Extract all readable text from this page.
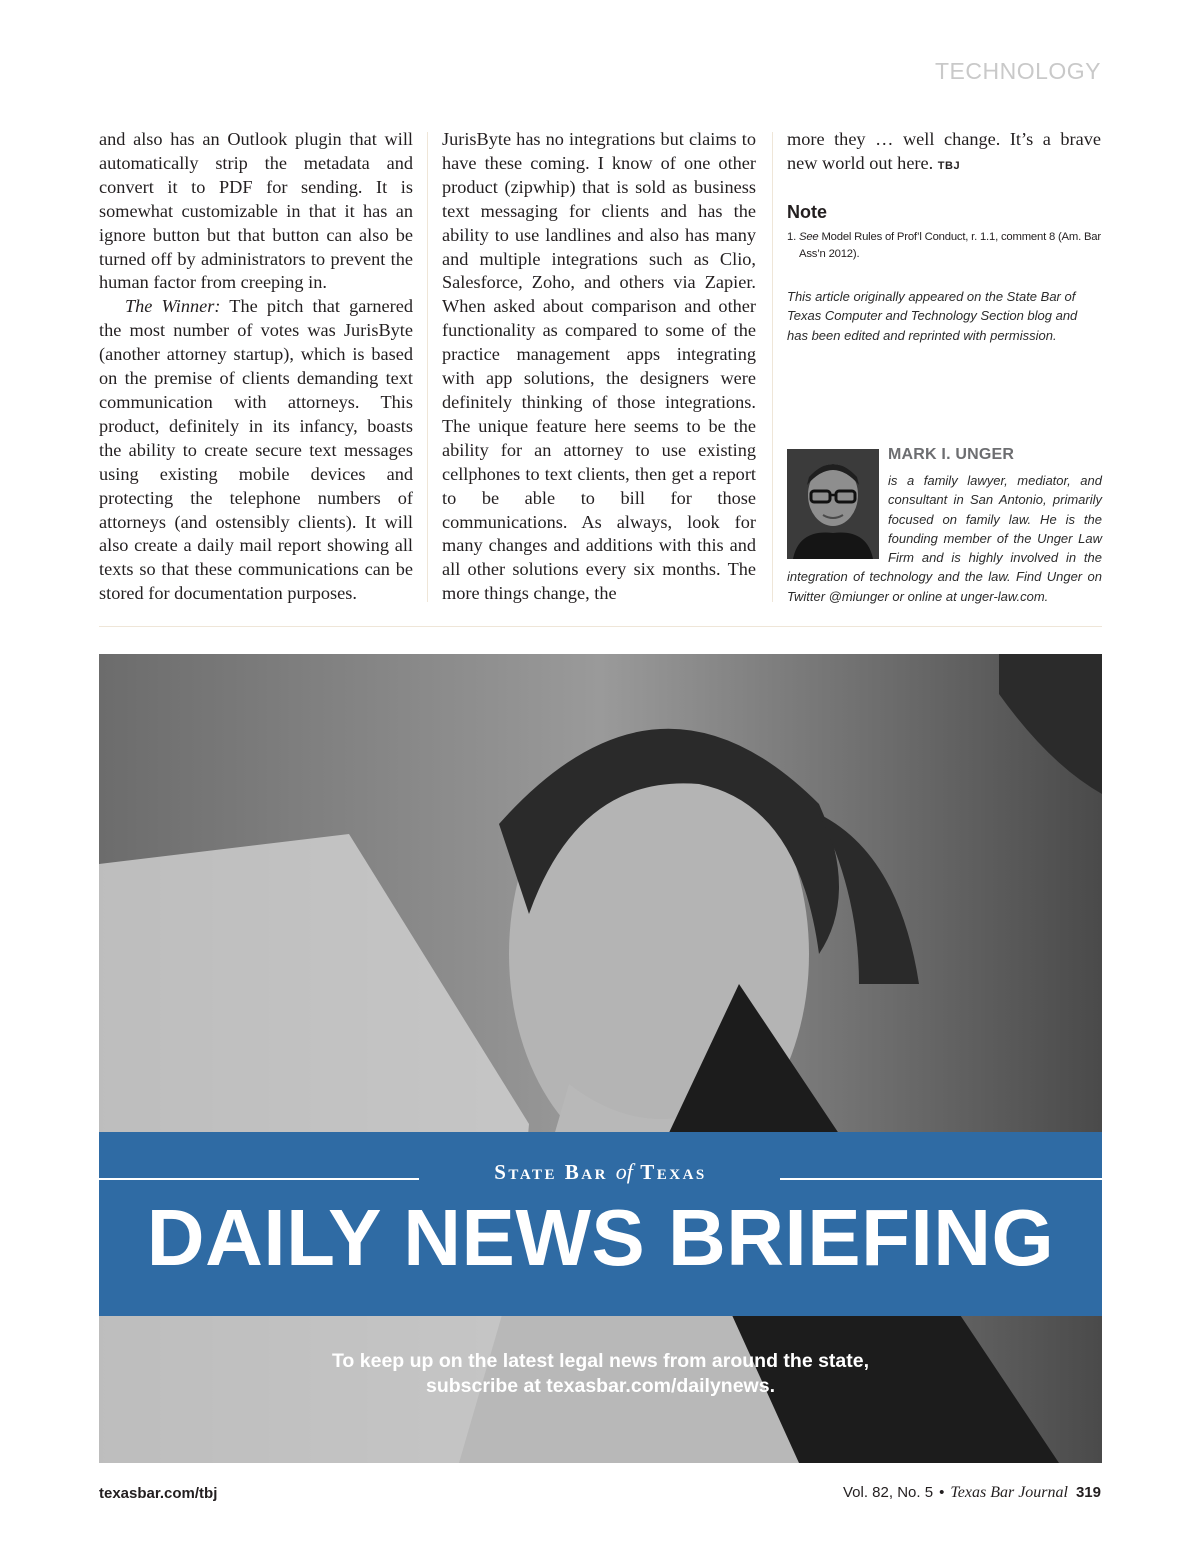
TECHNOLOGY

and also has an Outlook plugin that will automatically strip the metadata and convert it to PDF for sending. It is somewhat customizable in that it has an ignore button but that button can also be turned off by administrators to prevent the human factor from creeping in.

The Winner: The pitch that garnered the most number of votes was JurisByte (another attorney startup), which is based on the premise of clients demanding text communication with attorneys. This product, definitely in its infancy, boasts the ability to create secure text messages using existing mobile devices and protecting the telephone numbers of attorneys (and ostensibly clients). It will also create a daily mail report showing all texts so that these communications can be stored for documentation purposes.

JurisByte has no integrations but claims to have these coming. I know of one other product (zipwhip) that is sold as business text messaging for clients and has the ability to use landlines and also has many and multiple integrations such as Clio, Salesforce, Zoho, and others via Zapier. When asked about comparison and other functionality as compared to some of the practice management apps integrating with app solutions, the designers were definitely thinking of those integrations. The unique feature here seems to be the ability for an attorney to use existing cellphones to text clients, then get a report to be able to bill for those communications. As always, look for many changes and additions with this and all other solutions every six months. The more things change, the

more they … well change. It’s a brave new world out here. TBJ

Note
1. See Model Rules of Prof’l Conduct, r. 1.1, comment 8 (Am. Bar Ass’n 2012).
This article originally appeared on the State Bar of Texas Computer and Technology Section blog and has been edited and reprinted with permission.
MARK I. UNGER
is a family lawyer, mediator, and consultant in San Antonio, primarily focused on family law. He is the founding member of the Unger Law Firm and is highly involved in the integration of technology and the law. Find Unger on Twitter @miunger or online at unger-law.com.
State Bar of Texas
DAILY NEWS BRIEFING
To keep up on the latest legal news from around the state,
subscribe at texasbar.com/dailynews.
texasbar.com/tbj	Vol. 82, No. 5 • Texas Bar Journal 319
